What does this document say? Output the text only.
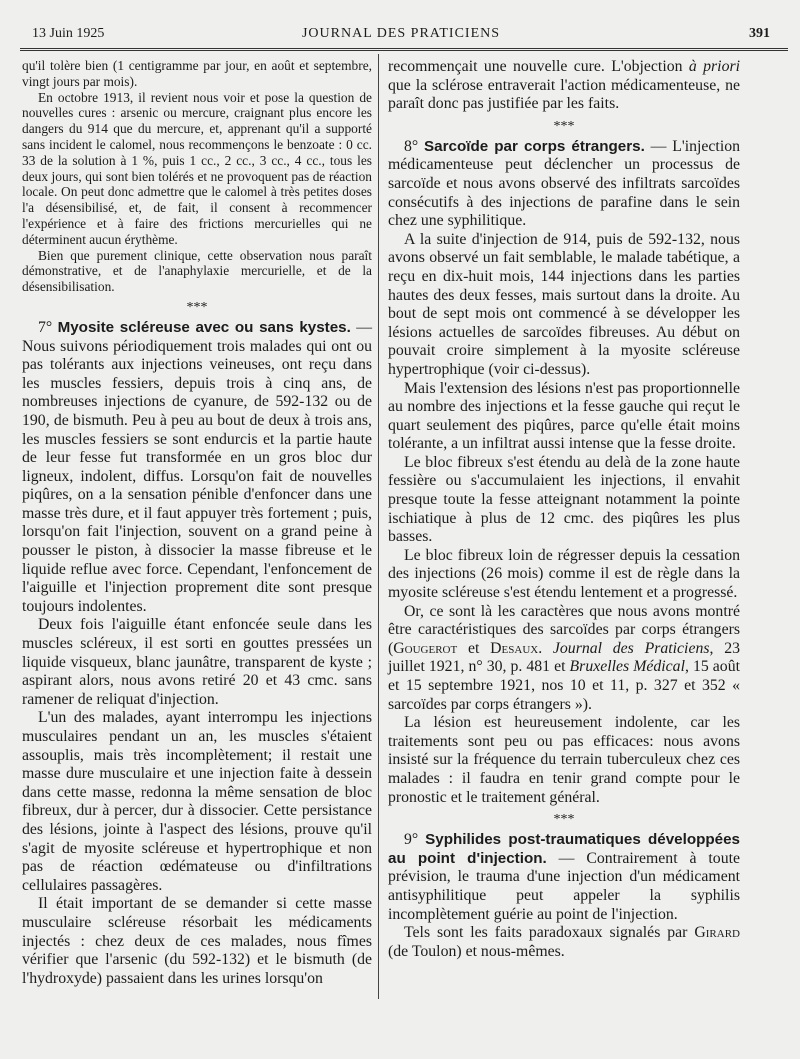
13 Juin 1925	JOURNAL DES PRATICIENS	391

qu'il tolère bien (1 centigramme par jour, en août et septembre, vingt jours par mois).

En octobre 1913, il revient nous voir et pose la question de nouvelles cures : arsenic ou mercure, craignant plus encore les dangers du 914 que du mercure, et, apprenant qu'il a supporté sans incident le calomel, nous recommençons le benzoate : 0 cc. 33 de la solution à 1 %, puis 1 cc., 2 cc., 3 cc., 4 cc., tous les deux jours, qui sont bien tolérés et ne provoquent pas de réaction locale. On peut donc admettre que le calomel à très petites doses l'a désensibilisé, et, de fait, il consent à recommencer l'expérience et à faire des frictions mercurielles qui ne déterminent aucun érythème.

Bien que purement clinique, cette observation nous paraît démonstrative, et de l'anaphylaxie mercurielle, et de la désensibilisation.

***

7° Myosite scléreuse avec ou sans kystes. — Nous suivons périodiquement trois malades qui ont ou pas tolérants aux injections veineuses, ont reçu dans les muscles fessiers, depuis trois à cinq ans, de nombreuses injections de cyanure, de 592-132 ou de 190, de bismuth. Peu à peu au bout de deux à trois ans, les muscles fessiers se sont endurcis et la partie haute de leur fesse fut transformée en un gros bloc dur ligneux, indolent, diffus. Lorsqu'on fait de nouvelles piqûres, on a la sensation pénible d'enfoncer dans une masse très dure, et il faut appuyer très fortement ; puis, lorsqu'on fait l'injection, souvent on a grand peine à pousser le piston, à dissocier la masse fibreuse et le liquide reflue avec force. Cependant, l'enfoncement de l'aiguille et l'injection proprement dite sont presque toujours indolentes.

Deux fois l'aiguille étant enfoncée seule dans les muscles scléreux, il est sorti en gouttes pressées un liquide visqueux, blanc jaunâtre, transparent de kyste ; aspirant alors, nous avons retiré 20 et 43 cmc. sans ramener de reliquat d'injection.

L'un des malades, ayant interrompu les injections musculaires pendant un an, les muscles s'étaient assouplis, mais très incomplètement; il restait une masse dure musculaire et une injection faite à dessein dans cette masse, redonna la même sensation de bloc fibreux, dur à percer, dur à dissocier. Cette persistance des lésions, jointe à l'aspect des lésions, prouve qu'il s'agit de myosite scléreuse et hypertrophique et non pas de réaction œdémateuse ou d'infiltrations cellulaires passagères.

Il était important de se demander si cette masse musculaire scléreuse résorbait les médicaments injectés : chez deux de ces malades, nous fîmes vérifier que l'arsenic (du 592-132) et le bismuth (de l'hydroxyde) passaient dans les urines lorsqu'on

recommençait une nouvelle cure. L'objection à priori que la sclérose entraverait l'action médicamenteuse, ne paraît donc pas justifiée par les faits.

***

8° Sarcoïde par corps étrangers. — L'injection médicamenteuse peut déclencher un processus de sarcoïde et nous avons observé des infiltrats sarcoïdes consécutifs à des injections de parafine dans le sein chez une syphilitique.

A la suite d'injection de 914, puis de 592-132, nous avons observé un fait semblable, le malade tabétique, a reçu en dix-huit mois, 144 injections dans les parties hautes des deux fesses, mais surtout dans la droite. Au bout de sept mois ont commencé à se développer les lésions actuelles de sarcoïdes fibreuses. Au début on pouvait croire simplement à la myosite scléreuse hypertrophique (voir ci-dessus).

Mais l'extension des lésions n'est pas proportionnelle au nombre des injections et la fesse gauche qui reçut le quart seulement des piqûres, parce qu'elle était moins tolérante, a un infiltrat aussi intense que la fesse droite.

Le bloc fibreux s'est étendu au delà de la zone haute fessière ou s'accumulaient les injections, il envahit presque toute la fesse atteignant notamment la pointe ischiatique à plus de 12 cmc. des piqûres les plus basses.

Le bloc fibreux loin de régresser depuis la cessation des injections (26 mois) comme il est de règle dans la myosite scléreuse s'est étendu lentement et a progressé.

Or, ce sont là les caractères que nous avons montré être caractéristiques des sarcoïdes par corps étrangers (Gougerot et Desaux. Journal des Praticiens, 23 juillet 1921, n° 30, p. 481 et Bruxelles Médical, 15 août et 15 septembre 1921, nos 10 et 11, p. 327 et 352 « sarcoïdes par corps étrangers »).

La lésion est heureusement indolente, car les traitements sont peu ou pas efficaces: nous avons insisté sur la fréquence du terrain tuberculeux chez ces malades : il faudra en tenir grand compte pour le pronostic et le traitement général.

***

9° Syphilides post-traumatiques développées au point d'injection. — Contrairement à toute prévision, le trauma d'une injection d'un médicament antisyphilitique peut appeler la syphilis incomplètement guérie au point de l'injection.

Tels sont les faits paradoxaux signalés par Girard (de Toulon) et nous-mêmes.
